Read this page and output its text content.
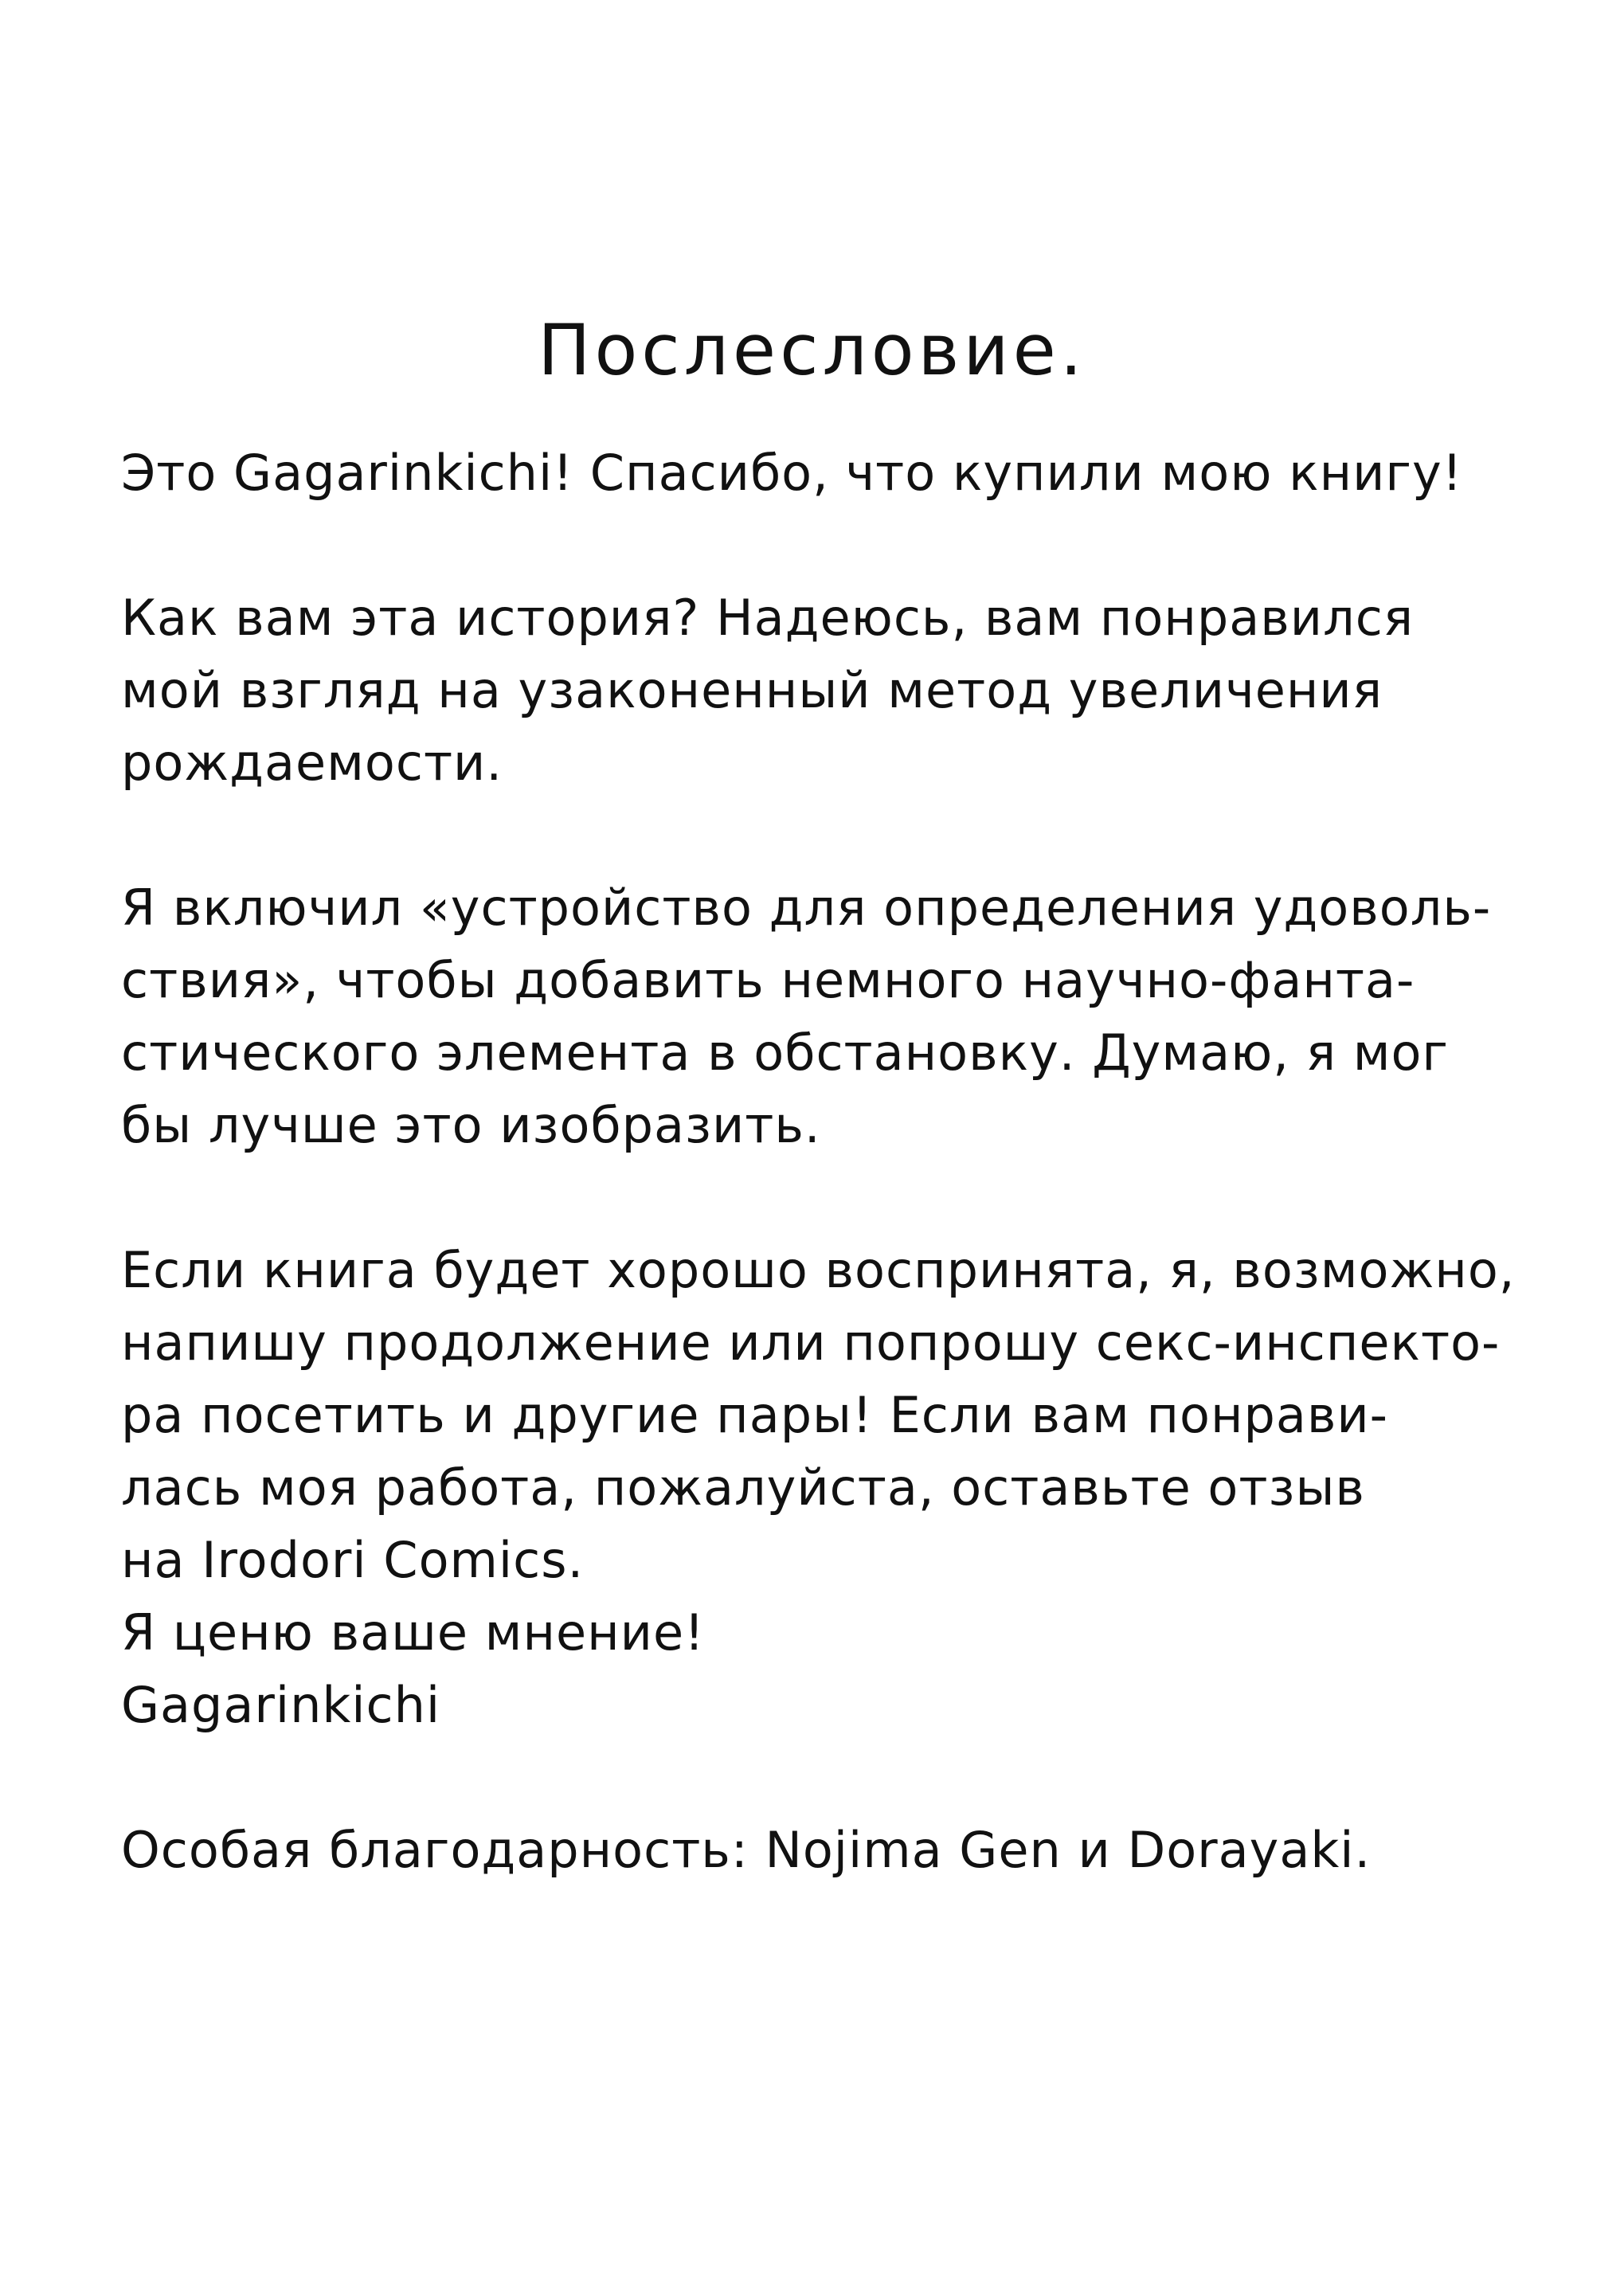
Послесловие.

Это Gagarinkichi! Спасибо, что купили мою книгу!

Как вам эта история? Надеюсь, вам понравился
мой взгляд на узаконенный метод увеличения
рождаемости.

Я включил «устройство для определения удоволь-
ствия», чтобы добавить немного научно-фанта-
стического элемента в обстановку. Думаю, я мог
бы лучше это изобразить.

Если книга будет хорошо воспринята, я, возможно,
напишу продолжение или попрошу секс-инспекто-
ра посетить и другие пары! Если вам понрави-
лась моя работа, пожалуйста, оставьте отзыв
на Irodori Comics.
Я ценю ваше мнение!
Gagarinkichi

Особая благодарность: Nojima Gen и Dorayaki.
